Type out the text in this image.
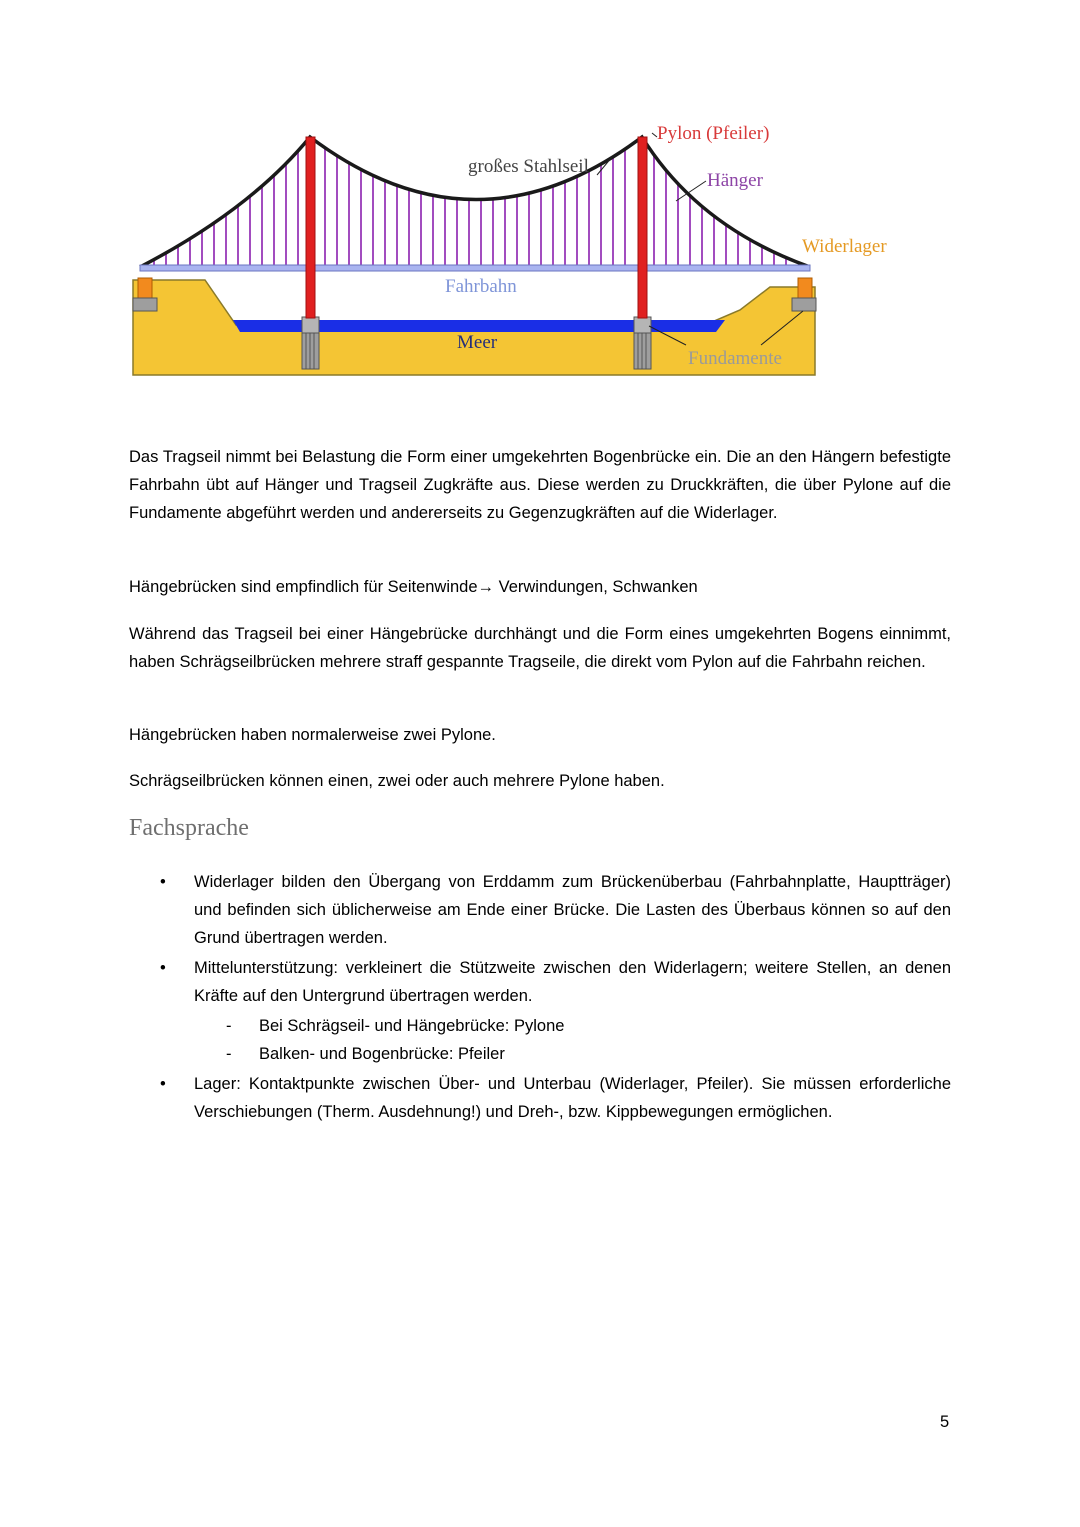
großes Stahlseil
Pylon (Pfeiler)
Hänger
Widerlager
Fahrbahn
Meer
Fundamente
Das Tragseil nimmt bei Belastung die Form einer umgekehrten Bogenbrücke ein. Die an den Hängern befestigte Fahrbahn übt auf Hänger und Tragseil Zugkräfte aus. Diese werden zu Druckkräften, die über Pylone auf die Fundamente abgeführt werden und andererseits zu Gegenzugkräften auf die Widerlager.
Hängebrücken sind empfindlich für Seitenwinde→ Verwindungen, Schwanken
Während das Tragseil bei einer Hängebrücke durchhängt und die Form eines umgekehrten Bogens einnimmt, haben Schrägseilbrücken mehrere straff gespannte Tragseile, die direkt vom Pylon auf die Fahrbahn reichen.
Hängebrücken haben normalerweise zwei Pylone.
Schrägseilbrücken können einen, zwei oder auch mehrere Pylone haben.
Fachsprache
• Widerlager bilden den Übergang von Erddamm zum Brückenüberbau (Fahrbahnplatte, Hauptträger) und befinden sich üblicherweise am Ende einer Brücke. Die Lasten des Überbaus können so auf den Grund übertragen werden.
• Mittelunterstützung: verkleinert die Stützweite zwischen den Widerlagern; weitere Stellen, an denen Kräfte auf den Untergrund übertragen werden.
- Bei Schrägseil- und Hängebrücke: Pylone
- Balken- und Bogenbrücke: Pfeiler
• Lager: Kontaktpunkte zwischen Über- und Unterbau (Widerlager, Pfeiler). Sie müssen erforderliche Verschiebungen (Therm. Ausdehnung!) und Dreh-, bzw. Kippbewegungen ermöglichen.
5
